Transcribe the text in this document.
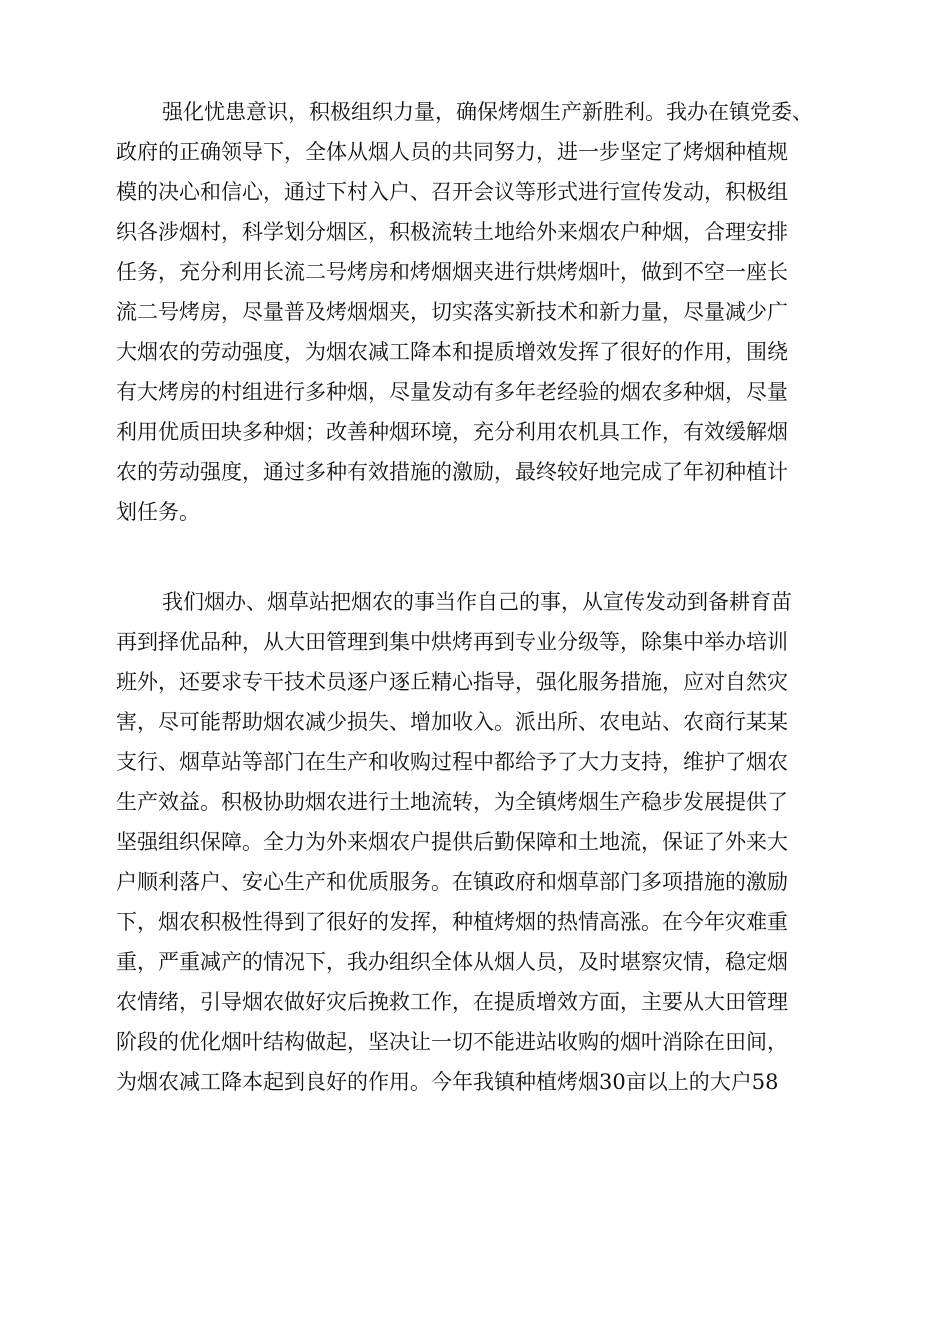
强化忧患意识，积极组织力量，确保烤烟生产新胜利。我办在镇党委、
政府的正确领导下，全体从烟人员的共同努力，进一步坚定了烤烟种植规
模的决心和信心，通过下村入户、召开会议等形式进行宣传发动，积极组
织各涉烟村，科学划分烟区，积极流转土地给外来烟农户种烟，合理安排
任务，充分利用长流二号烤房和烤烟烟夹进行烘烤烟叶，做到不空一座长
流二号烤房，尽量普及烤烟烟夹，切实落实新技术和新力量，尽量减少广
大烟农的劳动强度，为烟农减工降本和提质增效发挥了很好的作用，围绕
有大烤房的村组进行多种烟，尽量发动有多年老经验的烟农多种烟，尽量
利用优质田块多种烟；改善种烟环境，充分利用农机具工作，有效缓解烟
农的劳动强度，通过多种有效措施的激励，最终较好地完成了年初种植计
划任务。
我们烟办、烟草站把烟农的事当作自己的事，从宣传发动到备耕育苗
再到择优品种，从大田管理到集中烘烤再到专业分级等，除集中举办培训
班外，还要求专干技术员逐户逐丘精心指导，强化服务措施，应对自然灾
害，尽可能帮助烟农减少损失、增加收入。派出所、农电站、农商行某某
支行、烟草站等部门在生产和收购过程中都给予了大力支持，维护了烟农
生产效益。积极协助烟农进行土地流转，为全镇烤烟生产稳步发展提供了
坚强组织保障。全力为外来烟农户提供后勤保障和土地流，保证了外来大
户顺利落户、安心生产和优质服务。在镇政府和烟草部门多项措施的激励
下，烟农积极性得到了很好的发挥，种植烤烟的热情高涨。在今年灾难重
重，严重减产的情况下，我办组织全体从烟人员，及时堪察灾情，稳定烟
农情绪，引导烟农做好灾后挽救工作，在提质增效方面，主要从大田管理
阶段的优化烟叶结构做起，坚决让一切不能进站收购的烟叶消除在田间，
为烟农减工降本起到良好的作用。今年我镇种植烤烟30亩以上的大户58
